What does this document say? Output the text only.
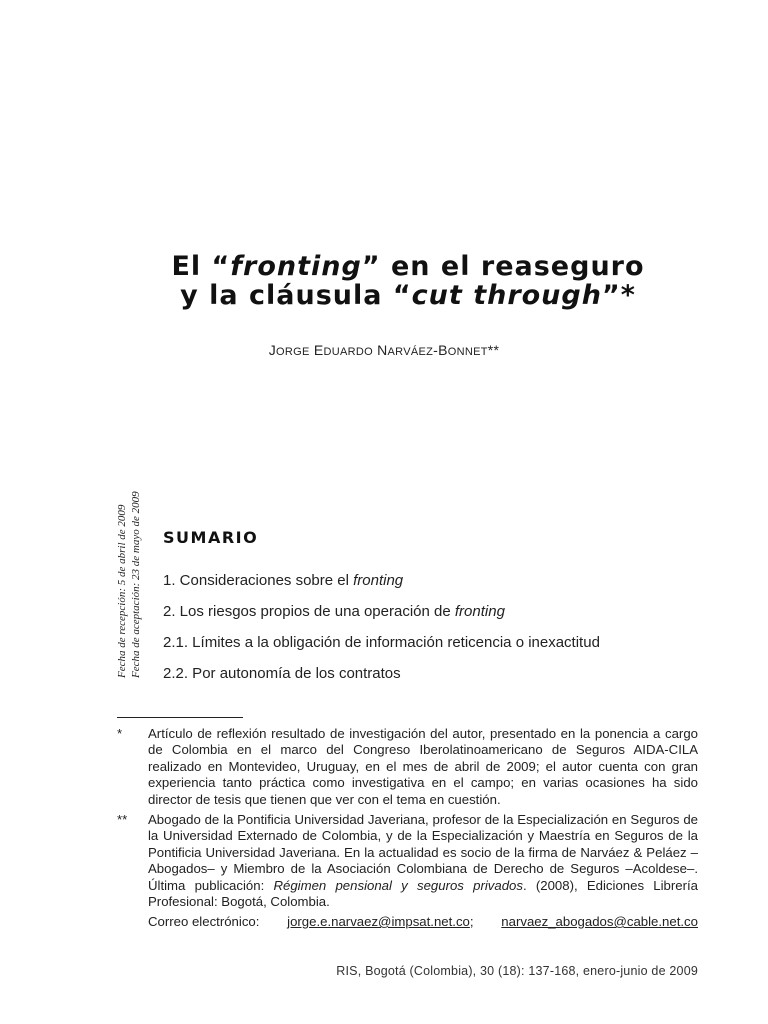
El “fronting” en el reaseguro
y la cláusula “cut through”*
JORGE EDUARDO NARVÁEZ-BONNET**
Fecha de recepción: 5 de abril de 2009 Fecha de aceptación: 23 de mayo de 2009 SUMARIO
1. Consideraciones sobre el fronting
2. Los riesgos propios de una operación de fronting
2.1. Límites a la obligación de información reticencia o inexactitud
2.2. Por autonomía de los contratos
* Artículo de reflexión resultado de investigación del autor, presentado en la ponencia a cargo de Colombia en el marco del Congreso Iberolatinoamericano de Seguros AIDA-CILA realizado en Montevideo, Uruguay, en el mes de abril de 2009; el autor cuenta con gran experiencia tanto práctica como investigativa en el campo; en varias ocasiones ha sido director de tesis que tienen que ver con el tema en cuestión.
** Abogado de la Pontificia Universidad Javeriana, profesor de la Especialización en Seguros de la Universidad Externado de Colombia, y de la Especialización y Maestría en Seguros de la Pontificia Universidad Javeriana. En la actualidad es socio de la firma de Narváez & Peláez –Abogados– y Miembro de la Asociación Colombiana de Derecho de Seguros –Acoldese–. Última publicación: Régimen pensional y seguros privados. (2008), Ediciones Librería Profesional: Bogotá, Colombia.
Correo electrónico: jorge.e.narvaez@impsat.net.co; narvaez_abogados@cable.net.co
RIS, Bogotá (Colombia), 30 (18): 137-168, enero-junio de 2009
